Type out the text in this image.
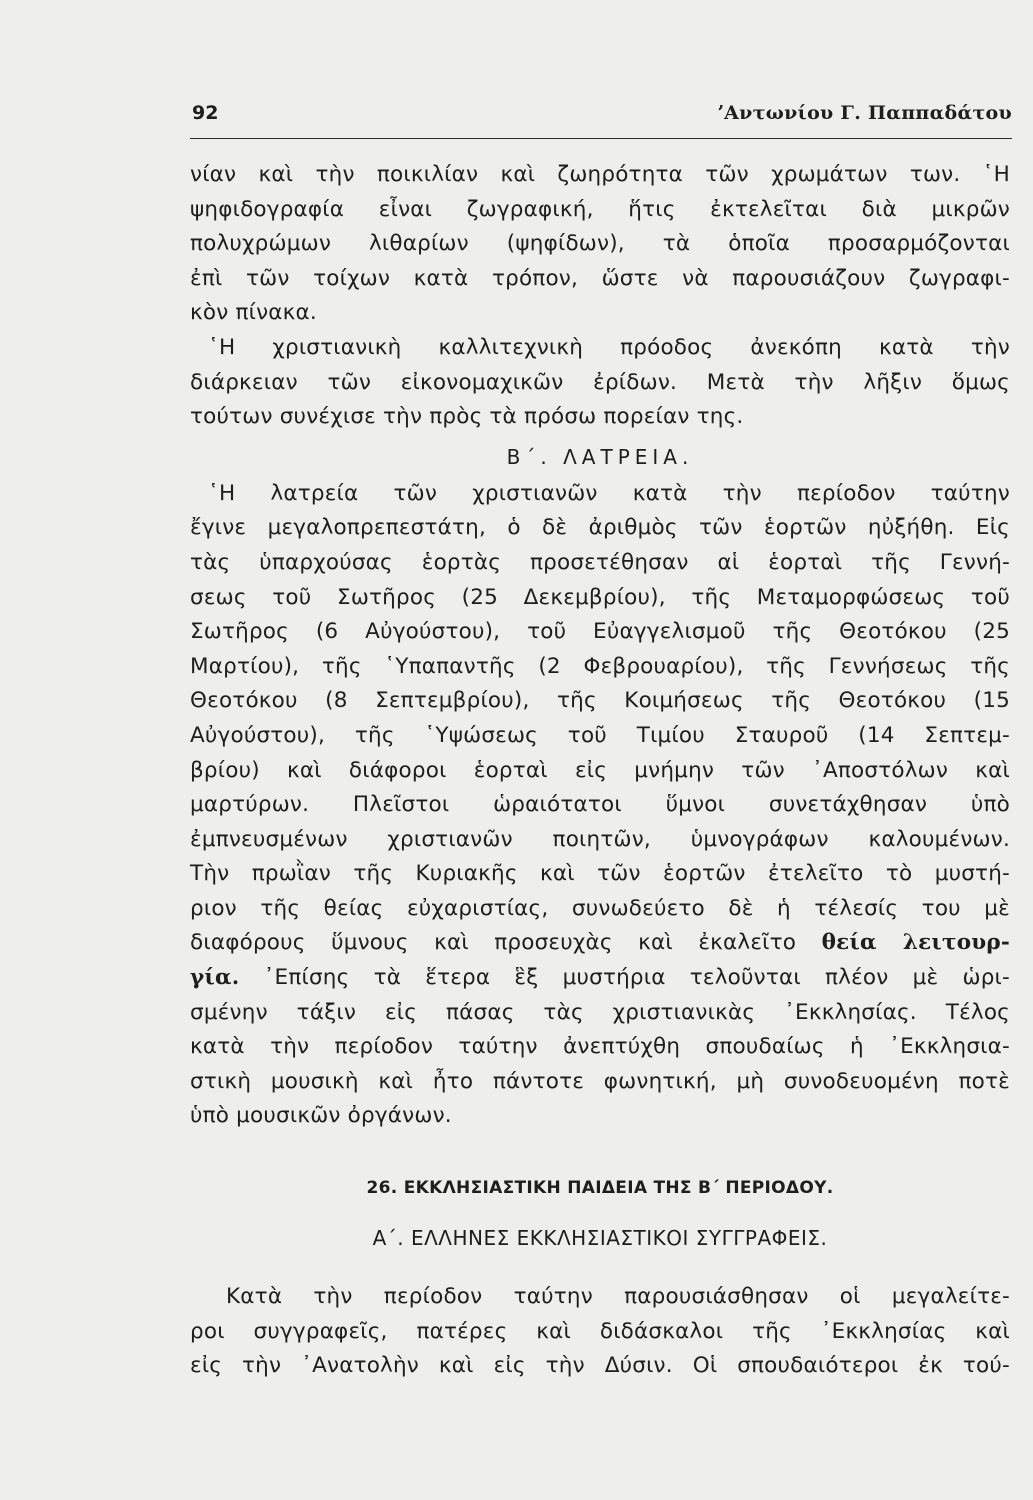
92	ʼΑντωνίου Γ. Παππαδάτου
νίαν καὶ τὴν ποικιλίαν καὶ ζωηρότητα τῶν χρωμάτων των. ῾Η
ψηφιδογραφία εἶναι ζωγραφική, ἥτις ἐκτελεῖται διὰ μικρῶν
πολυχρώμων λιθαρίων (ψηφίδων), τὰ ὁποῖα προσαρμόζονται
ἐπὶ τῶν τοίχων κατὰ τρόπον, ὥστε νὰ παρουσιάζουν ζωγραφι-
κὸν πίνακα.
῾Η χριστιανικὴ καλλιτεχνικὴ πρόοδος ἀνεκόπη κατὰ τὴν
διάρκειαν τῶν εἰκονομαχικῶν ἐρίδων. Μετὰ τὴν λῆξιν ὅμως
τούτων συνέχισε τὴν πρὸς τὰ πρόσω πορείαν της.
Β΄. ΛΑΤΡΕΙΑ.
῾Η λατρεία τῶν χριστιανῶν κατὰ τὴν περίοδον ταύτην
ἔγινε μεγαλοπρεπεστάτη, ὁ δὲ ἀριθμὸς τῶν ἑορτῶν ηὐξήθη. Εἰς
τὰς ὑπαρχούσας ἑορτὰς προσετέθησαν αἱ ἑορταὶ τῆς Γεννή-
σεως τοῦ Σωτῆρος (25 Δεκεμβρίου), τῆς Μεταμορφώσεως τοῦ
Σωτῆρος (6 Αὐγούστου), τοῦ Εὐαγγελισμοῦ τῆς Θεοτόκου (25
Μαρτίου), τῆς ῾Υπαπαντῆς (2 Φεβρουαρίου), τῆς Γεννήσεως τῆς
Θεοτόκου (8 Σεπτεμβρίου), τῆς Κοιμήσεως τῆς Θεοτόκου (15
Αὐγούστου), τῆς ῾Υψώσεως τοῦ Τιμίου Σταυροῦ (14 Σεπτεμ-
βρίου) καὶ διάφοροι ἑορταὶ εἰς μνήμην τῶν ᾽Αποστόλων καὶ
μαρτύρων. Πλεῖστοι ὡραιότατοι ὕμνοι συνετάχθησαν ὑπὸ
ἐμπνευσμένων χριστιανῶν ποιητῶν, ὑμνογράφων καλουμένων.
Τὴν πρωῒαν τῆς Κυριακῆς καὶ τῶν ἑορτῶν ἐτελεῖτο τὸ μυστή-
ριον τῆς θείας εὐχαριστίας, συνωδεύετο δὲ ἡ τέλεσίς του μὲ
διαφόρους ὕμνους καὶ προσευχὰς καὶ ἐκαλεῖτο θεία λειτουρ-
γία. ᾽Επίσης τὰ ἕτερα ἓξ μυστήρια τελοῦνται πλέον μὲ ὡρι-
σμένην τάξιν εἰς πάσας τὰς χριστιανικὰς ᾽Εκκλησίας. Τέλος
κατὰ τὴν περίοδον ταύτην ἀνεπτύχθη σπουδαίως ἡ ᾽Εκκλησια-
στικὴ μουσικὴ καὶ ἦτο πάντοτε φωνητική, μὴ συνοδευομένη ποτὲ
ὑπὸ μουσικῶν ὀργάνων.
26. ΕΚΚΛΗΣΙΑΣΤΙΚΗ ΠΑΙΔΕΙΑ ΤΗΣ Β΄ ΠΕΡΙΟΔΟΥ.
Α΄. ΕΛΛΗΝΕΣ ΕΚΚΛΗΣΙΑΣΤΙΚΟΙ ΣΥΓΓΡΑΦΕΙΣ.
Κατὰ τὴν περίοδον ταύτην παρουσιάσθησαν οἱ μεγαλείτε-
ροι συγγραφεῖς, πατέρες καὶ διδάσκαλοι τῆς ᾽Εκκλησίας καὶ
εἰς τὴν ᾽Ανατολὴν καὶ εἰς τὴν Δύσιν. Οἱ σπουδαιότεροι ἐκ τού-
